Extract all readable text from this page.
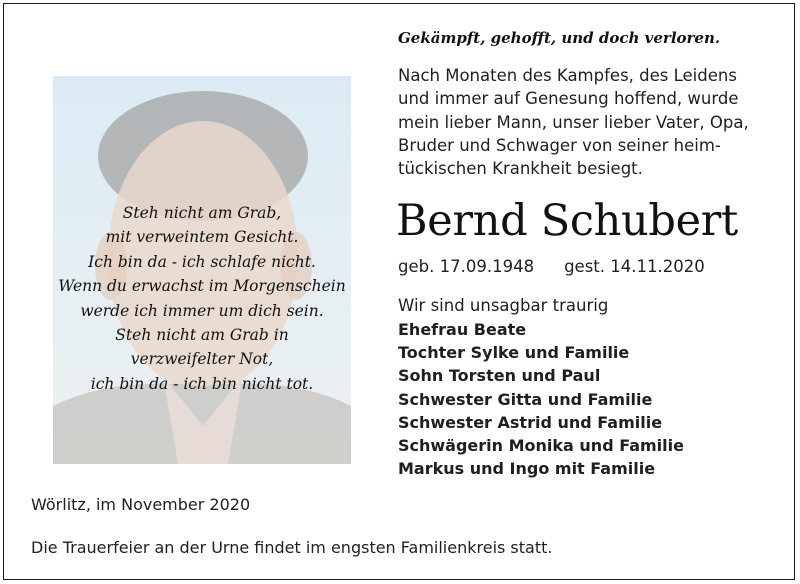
Steh nicht am Grab,
mit verweintem Gesicht.
Ich bin da - ich schlafe nicht.
Wenn du erwachst im Morgenschein
werde ich immer um dich sein.
Steh nicht am Grab in
verzweifelter Not,
ich bin da - ich bin nicht tot.
Gekämpft, gehofft, und doch verloren.
Nach Monaten des Kampfes, des Leidens
und immer auf Genesung hoffend, wurde
mein lieber Mann, unser lieber Vater, Opa,
Bruder und Schwager von seiner heim-
tückischen Krankheit besiegt.
Bernd Schubert
geb. 17.09.1948 gest. 14.11.2020
Wir sind unsagbar traurig
Ehefrau Beate
Tochter Sylke und Familie
Sohn Torsten und Paul
Schwester Gitta und Familie
Schwester Astrid und Familie
Schwägerin Monika und Familie
Markus und Ingo mit Familie
Wörlitz, im November 2020
Die Trauerfeier an der Urne findet im engsten Familienkreis statt.
